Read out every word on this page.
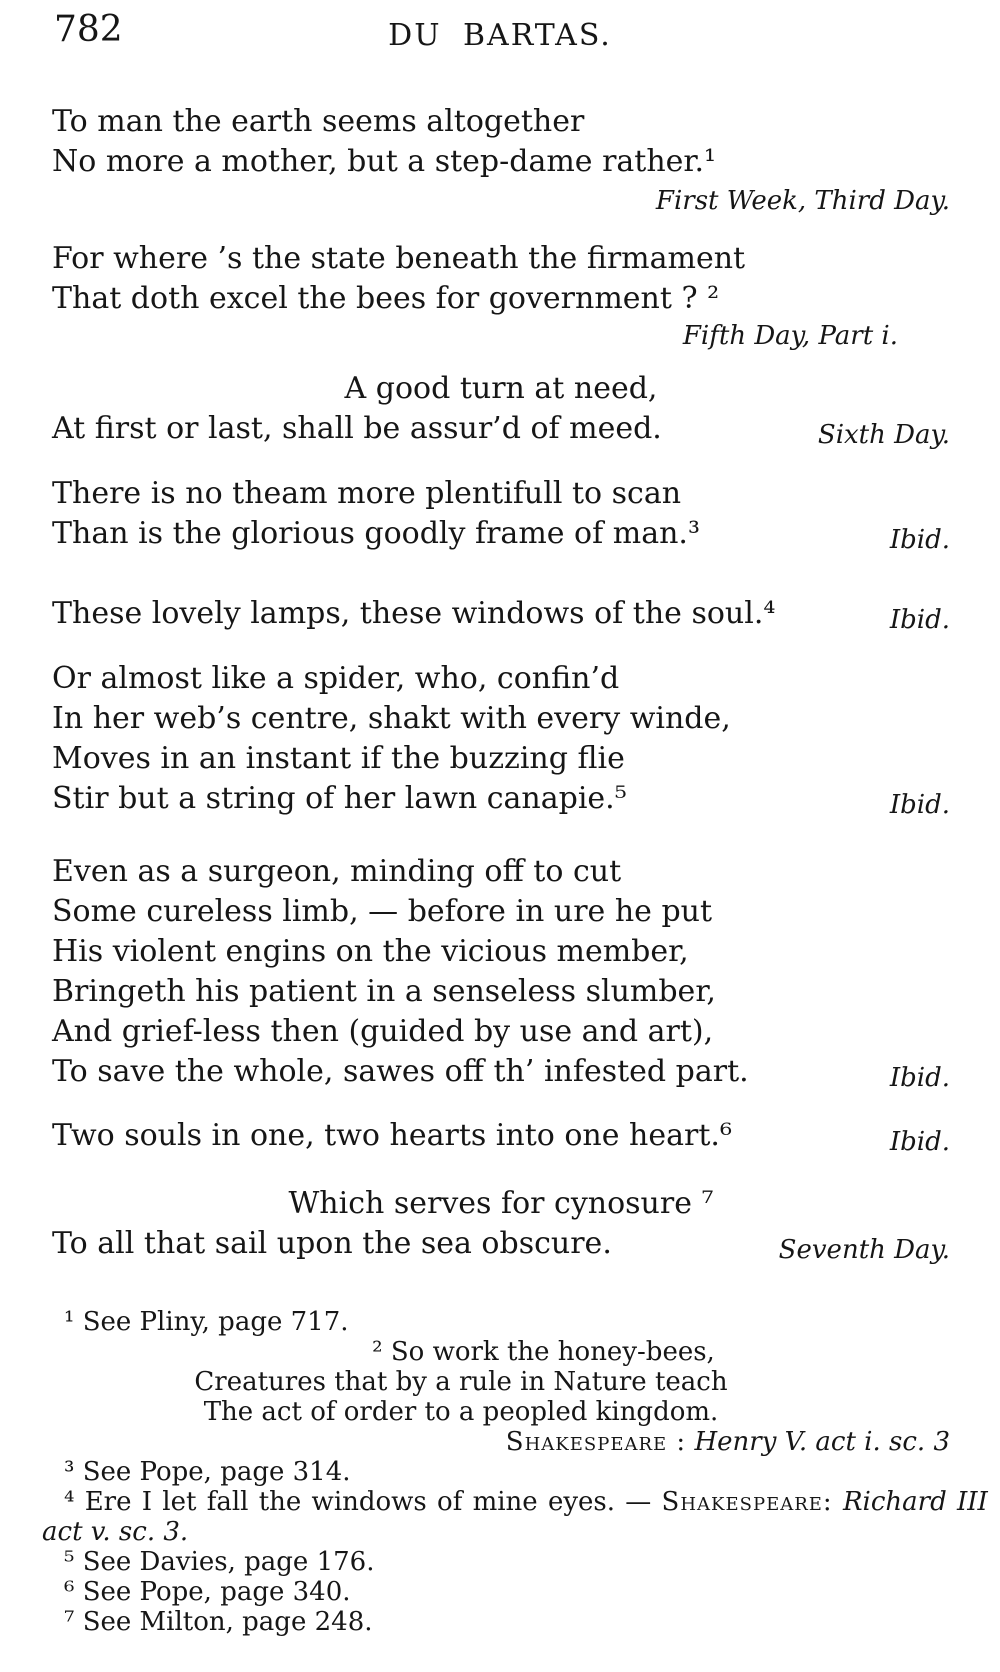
782	DU BARTAS.
To man the earth seems altogether
No more a mother, but a step-dame rather.¹
First Week, Third Day.
For where ’s the state beneath the firmament
That doth excel the bees for government ? ²
Fifth Day, Part i.
A good turn at need,
At first or last, shall be assur’d of meed.	Sixth Day.
There is no theam more plentifull to scan
Than is the glorious goodly frame of man.³	Ibid.
These lovely lamps, these windows of the soul.⁴	Ibid.
Or almost like a spider, who, confin’d
In her web’s centre, shakt with every winde,
Moves in an instant if the buzzing flie
Stir but a string of her lawn canapie.⁵	Ibid.
Even as a surgeon, minding off to cut
Some cureless limb, — before in ure he put
His violent engins on the vicious member,
Bringeth his patient in a senseless slumber,
And grief-less then (guided by use and art),
To save the whole, sawes off th’ infested part.	Ibid.
Two souls in one, two hearts into one heart.⁶	Ibid.
Which serves for cynosure ⁷
To all that sail upon the sea obscure.	Seventh Day.
¹ See Pliny, page 717.
² So work the honey-bees,
Creatures that by a rule in Nature teach
The act of order to a peopled kingdom.
Shakespeare : Henry V. act i. sc. 3
³ See Pope, page 314.
⁴ Ere I let fall the windows of mine eyes. — Shakespeare: Richard III
act v. sc. 3.
⁵ See Davies, page 176.
⁶ See Pope, page 340.
⁷ See Milton, page 248.
